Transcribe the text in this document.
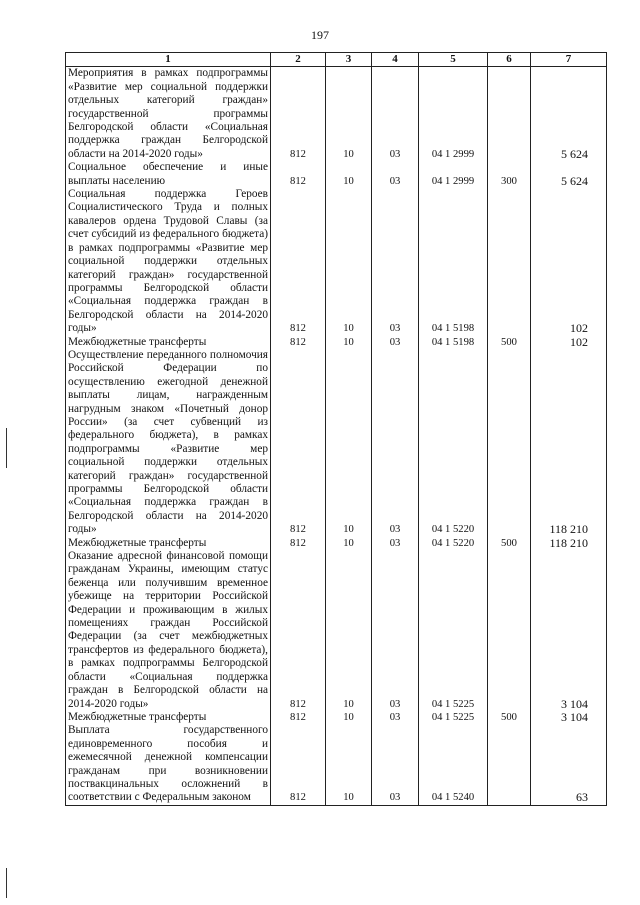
197
1	2	3	4	5	6	7
Мероприятия в рамках подпрограммы «Развитие мер социальной поддержки отдельных категорий граждан» государственной программы Белгородской области «Социальная поддержка граждан Белгородской области на 2014-2020 годы»	812	10	03	04 1 2999		5 624
Социальное обеспечение и иные выплаты населению	812	10	03	04 1 2999	300	5 624
Социальная поддержка Героев Социалистического Труда и полных кавалеров ордена Трудовой Славы (за счет субсидий из федерального бюджета) в рамках подпрограммы «Развитие мер социальной поддержки отдельных категорий граждан» государственной программы Белгородской области «Социальная поддержка граждан в Белгородской области на 2014-2020 годы»	812	10	03	04 1 5198		102
Межбюджетные трансферты	812	10	03	04 1 5198	500	102
Осуществление переданного полномочия Российской Федерации по осуществлению ежегодной денежной выплаты лицам, награжденным нагрудным знаком «Почетный донор России» (за счет субвенций из федерального бюджета), в рамках подпрограммы «Развитие мер социальной поддержки отдельных категорий граждан» государственной программы Белгородской области «Социальная поддержка граждан в Белгородской области на 2014-2020 годы»	812	10	03	04 1 5220		118 210
Межбюджетные трансферты	812	10	03	04 1 5220	500	118 210
Оказание адресной финансовой помощи гражданам Украины, имеющим статус беженца или получившим временное убежище на территории Российской Федерации и проживающим в жилых помещениях граждан Российской Федерации (за счет межбюджетных трансфертов из федерального бюджета), в рамках подпрограммы Белгородской области «Социальная поддержка граждан в Белгородской области на 2014-2020 годы»	812	10	03	04 1 5225		3 104
Межбюджетные трансферты	812	10	03	04 1 5225	500	3 104
Выплата государственного единовременного пособия и ежемесячной денежной компенсации гражданам при возникновении поствакцинальных осложнений в соответствии с Федеральным законом	812	10	03	04 1 5240		63
